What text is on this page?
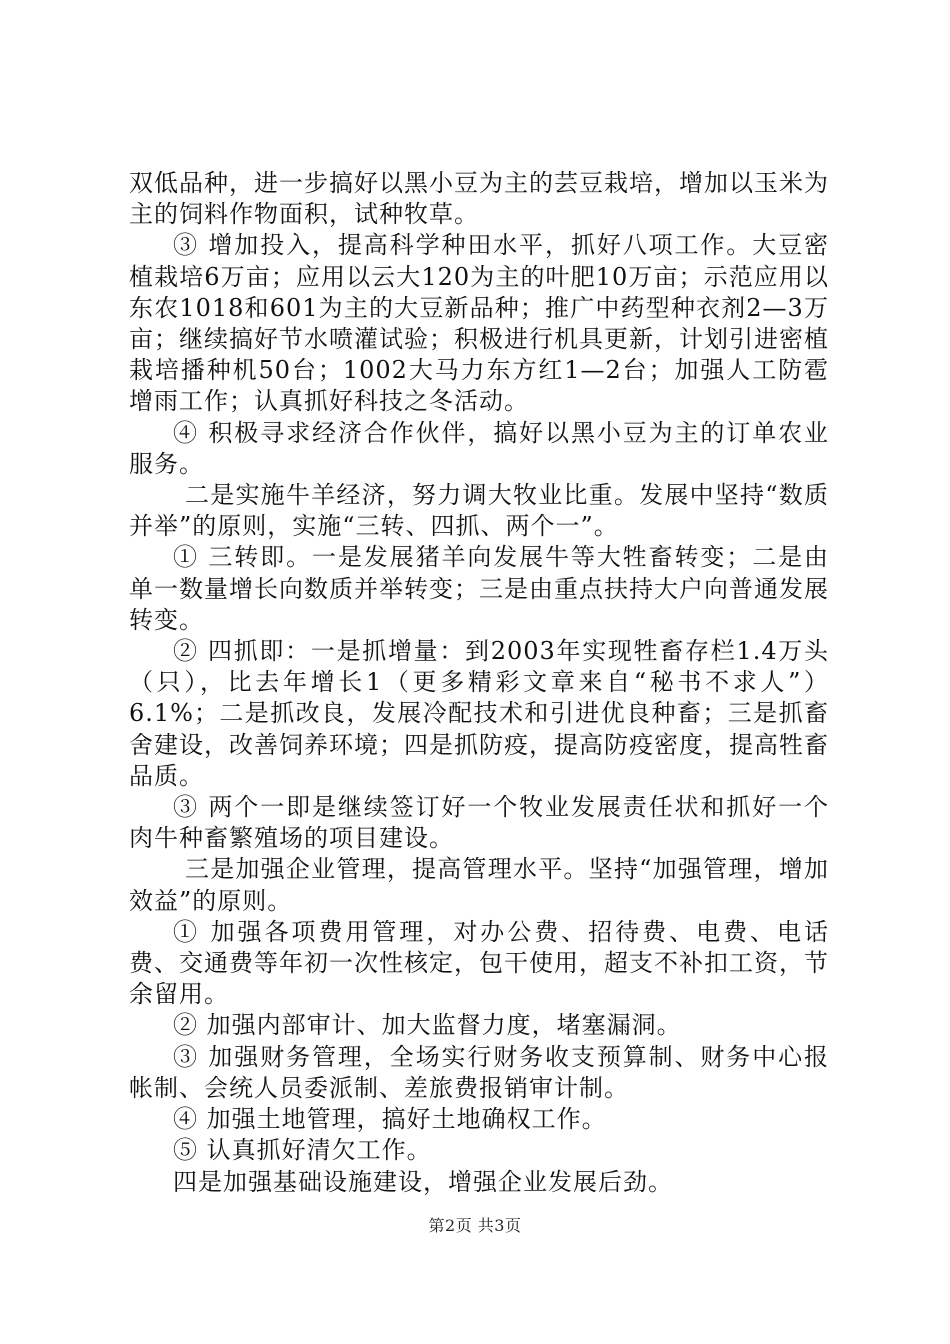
双低品种，进一步搞好以黑小豆为主的芸豆栽培，增加以玉米为主的饲料作物面积，试种牧草。

③ 增加投入，提高科学种田水平，抓好八项工作。大豆密植栽培6万亩；应用以云大120为主的叶肥10万亩；示范应用以东农1018和601为主的大豆新品种；推广中药型种衣剂2—3万亩；继续搞好节水喷灌试验；积极进行机具更新，计划引进密植栽培播种机50台；1002大马力东方红1—2台；加强人工防雹增雨工作；认真抓好科技之冬活动。

④ 积极寻求经济合作伙伴，搞好以黑小豆为主的订单农业服务。

二是实施牛羊经济，努力调大牧业比重。发展中坚持“数质并举”的原则，实施“三转、四抓、两个一”。

① 三转即。一是发展猪羊向发展牛等大牲畜转变；二是由单一数量增长向数质并举转变；三是由重点扶持大户向普通发展转变。

② 四抓即：一是抓增量：到2003年实现牲畜存栏1.4万头（只），比去年增长1（更多精彩文章来自“秘书不求人”）6.1%；二是抓改良，发展冷配技术和引进优良种畜；三是抓畜舍建设，改善饲养环境；四是抓防疫，提高防疫密度，提高牲畜品质。

③ 两个一即是继续签订好一个牧业发展责任状和抓好一个肉牛种畜繁殖场的项目建设。

三是加强企业管理，提高管理水平。坚持“加强管理，增加效益”的原则。

① 加强各项费用管理，对办公费、招待费、电费、电话费、交通费等年初一次性核定，包干使用，超支不补扣工资，节余留用。

② 加强内部审计、加大监督力度，堵塞漏洞。

③ 加强财务管理，全场实行财务收支预算制、财务中心报帐制、会统人员委派制、差旅费报销审计制。

④ 加强土地管理，搞好土地确权工作。

⑤ 认真抓好清欠工作。

四是加强基础设施建设，增强企业发展后劲。

第2页 共3页
